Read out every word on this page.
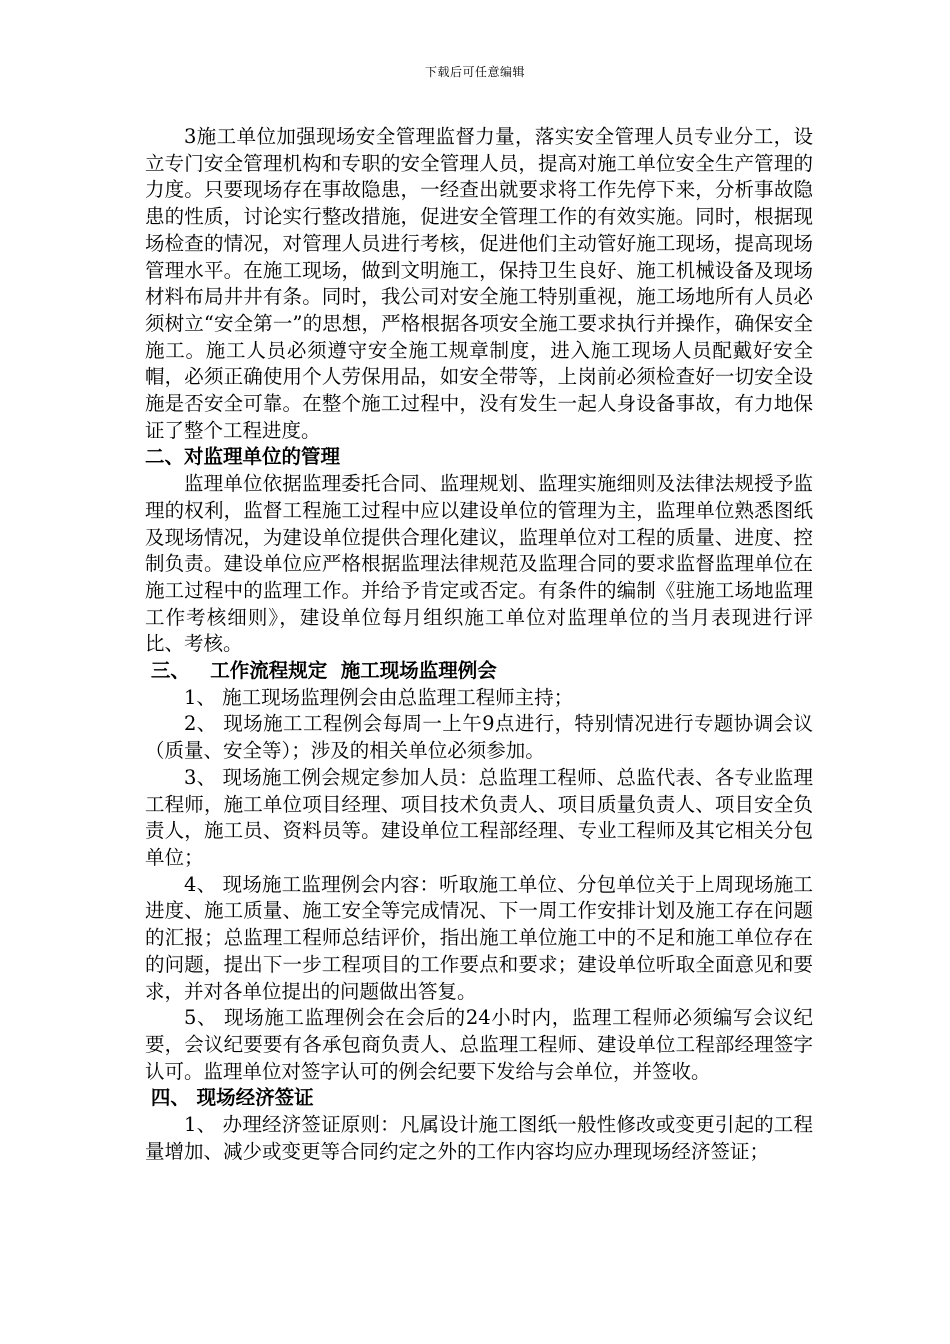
下载后可任意编辑

3施工单位加强现场安全管理监督力量，落实安全管理人员专业分工，设立专门安全管理机构和专职的安全管理人员，提高对施工单位安全生产管理的力度。只要现场存在事故隐患，一经查出就要求将工作先停下来，分析事故隐患的性质，讨论实行整改措施，促进安全管理工作的有效实施。同时，根据现场检查的情况，对管理人员进行考核，促进他们主动管好施工现场，提高现场管理水平。在施工现场，做到文明施工，保持卫生良好、施工机械设备及现场材料布局井井有条。同时，我公司对安全施工特别重视，施工场地所有人员必须树立“安全第一”的思想，严格根据各项安全施工要求执行并操作，确保安全施工。施工人员必须遵守安全施工规章制度，进入施工现场人员配戴好安全帽，必须正确使用个人劳保用品，如安全带等，上岗前必须检查好一切安全设施是否安全可靠。在整个施工过程中，没有发生一起人身设备事故，有力地保证了整个工程进度。

二、对监理单位的管理

监理单位依据监理委托合同、监理规划、监理实施细则及法律法规授予监理的权利，监督工程施工过程中应以建设单位的管理为主，监理单位熟悉图纸及现场情况，为建设单位提供合理化建议，监理单位对工程的质量、进度、控制负责。建设单位应严格根据监理法律规范及监理合同的要求监督监理单位在施工过程中的监理工作。并给予肯定或否定。有条件的编制《驻施工场地监理工作考核细则》，建设单位每月组织施工单位对监理单位的当月表现进行评比、考核。

三、   工作流程规定  施工现场监理例会

1、 施工现场监理例会由总监理工程师主持；

2、 现场施工工程例会每周一上午9点进行，特别情况进行专题协调会议（质量、安全等）；涉及的相关单位必须参加。

3、 现场施工例会规定参加人员：总监理工程师、总监代表、各专业监理工程师，施工单位项目经理、项目技术负责人、项目质量负责人、项目安全负责人，施工员、资料员等。建设单位工程部经理、专业工程师及其它相关分包单位；

4、 现场施工监理例会内容：听取施工单位、分包单位关于上周现场施工进度、施工质量、施工安全等完成情况、下一周工作安排计划及施工存在问题的汇报；总监理工程师总结评价，指出施工单位施工中的不足和施工单位存在的问题，提出下一步工程项目的工作要点和要求；建设单位听取全面意见和要求，并对各单位提出的问题做出答复。

5、 现场施工监理例会在会后的24小时内，监理工程师必须编写会议纪要，会议纪要要有各承包商负责人、总监理工程师、建设单位工程部经理签字认可。监理单位对签字认可的例会纪要下发给与会单位，并签收。

四、 现场经济签证

1、 办理经济签证原则：凡属设计施工图纸一般性修改或变更引起的工程量增加、减少或变更等合同约定之外的工作内容均应办理现场经济签证；
